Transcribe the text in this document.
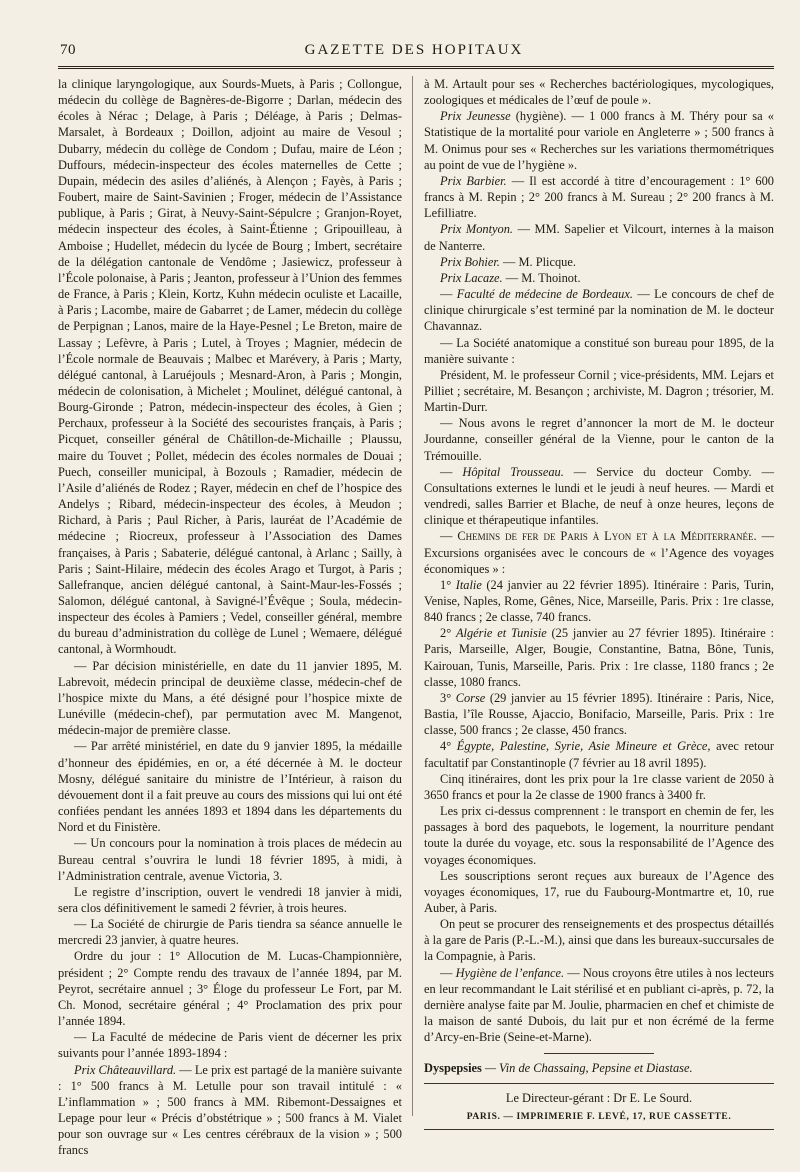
70	GAZETTE DES HOPITAUX

la clinique laryngologique, aux Sourds-Muets, à Paris ; Collongue, médecin du collège de Bagnères-de-Bigorre ; Darlan, médecin des écoles à Nérac ; Delage, à Paris ; Déléage, à Paris ; Delmas-Marsalet, à Bordeaux ; Doillon, adjoint au maire de Vesoul ; Dubarry, médecin du collège de Condom ; Dufau, maire de Léon ; Duffours, médecin-inspecteur des écoles maternelles de Cette ; Dupain, médecin des asiles d’aliénés, à Alençon ; Fayès, à Paris ; Foubert, maire de Saint-Savinien ; Froger, médecin de l’Assistance publique, à Paris ; Girat, à Neuvy-Saint-Sépulcre ; Granjon-Royet, médecin inspecteur des écoles, à Saint-Étienne ; Gripouilleau, à Amboise ; Hudellet, médecin du lycée de Bourg ; Imbert, secrétaire de la délégation cantonale de Vendôme ; Jasiewicz, professeur à l’École polonaise, à Paris ; Jeanton, professeur à l’Union des femmes de France, à Paris ; Klein, Kortz, Kuhn médecin oculiste et Lacaille, à Paris ; Lacombe, maire de Gabarret ; de Lamer, médecin du collège de Perpignan ; Lanos, maire de la Haye-Pesnel ; Le Breton, maire de Lassay ; Lefèvre, à Paris ; Lutel, à Troyes ; Magnier, médecin de l’École normale de Beauvais ; Malbec et Marévery, à Paris ; Marty, délégué cantonal, à Laruéjouls ; Mesnard-Aron, à Paris ; Mongin, médecin de colonisation, à Michelet ; Moulinet, délégué cantonal, à Bourg-Gironde ; Patron, médecin-inspecteur des écoles, à Gien ; Perchaux, professeur à la Société des secouristes français, à Paris ; Picquet, conseiller général de Châtillon-de-Michaille ; Plaussu, maire du Touvet ; Pollet, médecin des écoles normales de Douai ; Puech, conseiller municipal, à Bozouls ; Ramadier, médecin de l’Asile d’aliénés de Rodez ; Rayer, médecin en chef de l’hospice des Andelys ; Ribard, médecin-inspecteur des écoles, à Meudon ; Richard, à Paris ; Paul Richer, à Paris, lauréat de l’Académie de médecine ; Riocreux, professeur à l’Association des Dames françaises, à Paris ; Sabaterie, délégué cantonal, à Arlanc ; Sailly, à Paris ; Saint-Hilaire, médecin des écoles Arago et Turgot, à Paris ; Sallefranque, ancien délégué cantonal, à Saint-Maur-les-Fossés ; Salomon, délégué cantonal, à Savigné-l’Évêque ; Soula, médecin-inspecteur des écoles à Pamiers ; Vedel, conseiller général, membre du bureau d’administration du collège de Lunel ; Wemaere, délégué cantonal, à Wormhoudt.

— Par décision ministérielle, en date du 11 janvier 1895, M. Labrevoit, médecin principal de deuxième classe, médecin-chef de l’hospice mixte du Mans, a été désigné pour l’hospice mixte de Lunéville (médecin-chef), par permutation avec M. Mangenot, médecin-major de première classe.

— Par arrêté ministériel, en date du 9 janvier 1895, la médaille d’honneur des épidémies, en or, a été décernée à M. le docteur Mosny, délégué sanitaire du ministre de l’Intérieur, à raison du dévouement dont il a fait preuve au cours des missions qui lui ont été confiées pendant les années 1893 et 1894 dans les départements du Nord et du Finistère.

— Un concours pour la nomination à trois places de médecin au Bureau central s’ouvrira le lundi 18 février 1895, à midi, à l’Administration centrale, avenue Victoria, 3.

Le registre d’inscription, ouvert le vendredi 18 janvier à midi, sera clos définitivement le samedi 2 février, à trois heures.

— La Société de chirurgie de Paris tiendra sa séance annuelle le mercredi 23 janvier, à quatre heures.

Ordre du jour : 1° Allocution de M. Lucas-Championnière, président ; 2° Compte rendu des travaux de l’année 1894, par M. Peyrot, secrétaire annuel ; 3° Éloge du professeur Le Fort, par M. Ch. Monod, secrétaire général ; 4° Proclamation des prix pour l’année 1894.

— La Faculté de médecine de Paris vient de décerner les prix suivants pour l’année 1893-1894 :

Prix Châteauvillard. — Le prix est partagé de la manière suivante : 1° 500 francs à M. Letulle pour son travail intitulé : « L’inflammation » ; 500 francs à MM. Ribemont-Dessaignes et Lepage pour leur « Précis d’obstétrique » ; 500 francs à M. Vialet pour son ouvrage sur « Les centres cérébraux de la vision » ; 500 francs

à M. Artault pour ses « Recherches bactériologiques, mycologiques, zoologiques et médicales de l’œuf de poule ».

Prix Jeunesse (hygiène). — 1 000 francs à M. Théry pour sa « Statistique de la mortalité pour variole en Angleterre » ; 500 francs à M. Onimus pour ses « Recherches sur les variations thermométriques au point de vue de l’hygiène ».

Prix Barbier. — Il est accordé à titre d’encouragement : 1° 600 francs à M. Repin ; 2° 200 francs à M. Sureau ; 2° 200 francs à M. Lefilliatre.

Prix Montyon. — MM. Sapelier et Vilcourt, internes à la maison de Nanterre.

Prix Bohier. — M. Plicque.

Prix Lacaze. — M. Thoinot.

— Faculté de médecine de Bordeaux. — Le concours de chef de clinique chirurgicale s’est terminé par la nomination de M. le docteur Chavannaz.

— La Société anatomique a constitué son bureau pour 1895, de la manière suivante :

Président, M. le professeur Cornil ; vice-présidents, MM. Lejars et Pilliet ; secrétaire, M. Besançon ; archiviste, M. Dagron ; trésorier, M. Martin-Durr.

— Nous avons le regret d’annoncer la mort de M. le docteur Jourdanne, conseiller général de la Vienne, pour le canton de la Trémouille.

— Hôpital Trousseau. — Service du docteur Comby. — Consultations externes le lundi et le jeudi à neuf heures. — Mardi et vendredi, salles Barrier et Blache, de neuf à onze heures, leçons de clinique et thérapeutique infantiles.

— Chemins de fer de Paris à Lyon et à la Méditerranée. — Excursions organisées avec le concours de « l’Agence des voyages économiques » :

1° Italie (24 janvier au 22 février 1895). Itinéraire : Paris, Turin, Venise, Naples, Rome, Gênes, Nice, Marseille, Paris. Prix : 1re classe, 840 francs ; 2e classe, 740 francs.

2° Algérie et Tunisie (25 janvier au 27 février 1895). Itinéraire : Paris, Marseille, Alger, Bougie, Constantine, Batna, Bône, Tunis, Kairouan, Tunis, Marseille, Paris. Prix : 1re classe, 1180 francs ; 2e classe, 1080 francs.

3° Corse (29 janvier au 15 février 1895). Itinéraire : Paris, Nice, Bastia, l’île Rousse, Ajaccio, Bonifacio, Marseille, Paris. Prix : 1re classe, 500 francs ; 2e classe, 450 francs.

4° Égypte, Palestine, Syrie, Asie Mineure et Grèce, avec retour facultatif par Constantinople (7 février au 18 avril 1895).

Cinq itinéraires, dont les prix pour la 1re classe varient de 2050 à 3650 francs et pour la 2e classe de 1900 francs à 3400 fr.

Les prix ci-dessus comprennent : le transport en chemin de fer, les passages à bord des paquebots, le logement, la nourriture pendant toute la durée du voyage, etc. sous la responsabilité de l’Agence des voyages économiques.

Les souscriptions seront reçues aux bureaux de l’Agence des voyages économiques, 17, rue du Faubourg-Montmartre et, 10, rue Auber, à Paris.

On peut se procurer des renseignements et des prospectus détaillés à la gare de Paris (P.-L.-M.), ainsi que dans les bureaux-succursales de la Compagnie, à Paris.

— Hygiène de l’enfance. — Nous croyons être utiles à nos lecteurs en leur recommandant le Lait stérilisé et en publiant ci-après, p. 72, la dernière analyse faite par M. Joulie, pharmacien en chef et chimiste de la maison de santé Dubois, du lait pur et non écrémé de la ferme d’Arcy-en-Brie (Seine-et-Marne).

Dyspepsies — Vin de Chassaing, Pepsine et Diastase.

Le Directeur-gérant : Dr E. Le Sourd.

PARIS. — IMPRIMERIE F. LEVÉ, 17, RUE CASSETTE.
